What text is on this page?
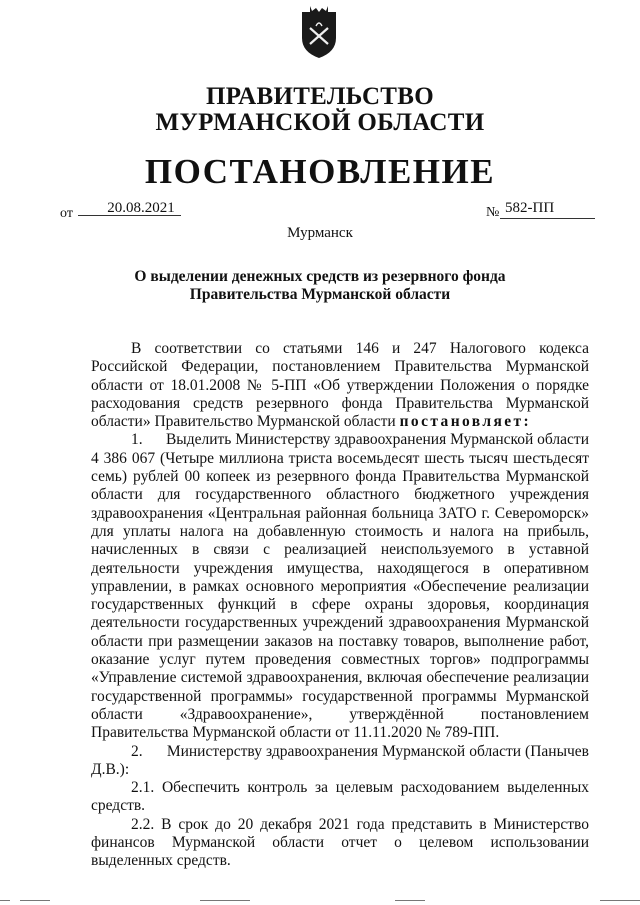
ПРАВИТЕЛЬСТВО
МУРМАНСКОЙ ОБЛАСТИ
ПОСТАНОВЛЕНИЕ
от	20.08.2021	№ 582-ПП
Мурманск
О выделении денежных средств из резервного фонда
Правительства Мурманской области

В соответствии со статьями 146 и 247 Налогового кодекса Российской Федерации, постановлением Правительства Мурманской области от 18.01.2008 № 5-ПП «Об утверждении Положения о порядке расходования средств резервного фонда Правительства Мурманской области» Правительство Мурманской области постановляет:

1.      Выделить Министерству здравоохранения Мурманской области 4 386 067 (Четыре миллиона триста восемьдесят шесть тысяч шестьдесят семь) рублей 00 копеек из резервного фонда Правительства Мурманской области для государственного областного бюджетного учреждения здравоохранения «Центральная районная больница ЗАТО г. Североморск» для уплаты налога на добавленную стоимость и налога на прибыль, начисленных в связи с реализацией неиспользуемого в уставной деятельности учреждения имущества, находящегося в оперативном управлении, в рамках основного мероприятия «Обеспечение реализации государственных функций в сфере охраны здоровья, координация деятельности государственных учреждений здравоохранения Мурманской области при размещении заказов на поставку товаров, выполнение работ, оказание услуг путем проведения совместных торгов» подпрограммы «Управление системой здравоохранения, включая обеспечение реализации государственной программы» государственной программы Мурманской области «Здравоохранение», утверждённой постановлением Правительства Мурманской области от 11.11.2020 № 789-ПП.

2.      Министерству здравоохранения Мурманской области (Панычев Д.В.):

2.1. Обеспечить контроль за целевым расходованием выделенных средств.

2.2. В срок до 20 декабря 2021 года представить в Министерство финансов Мурманской области отчет о целевом использовании выделенных средств.
